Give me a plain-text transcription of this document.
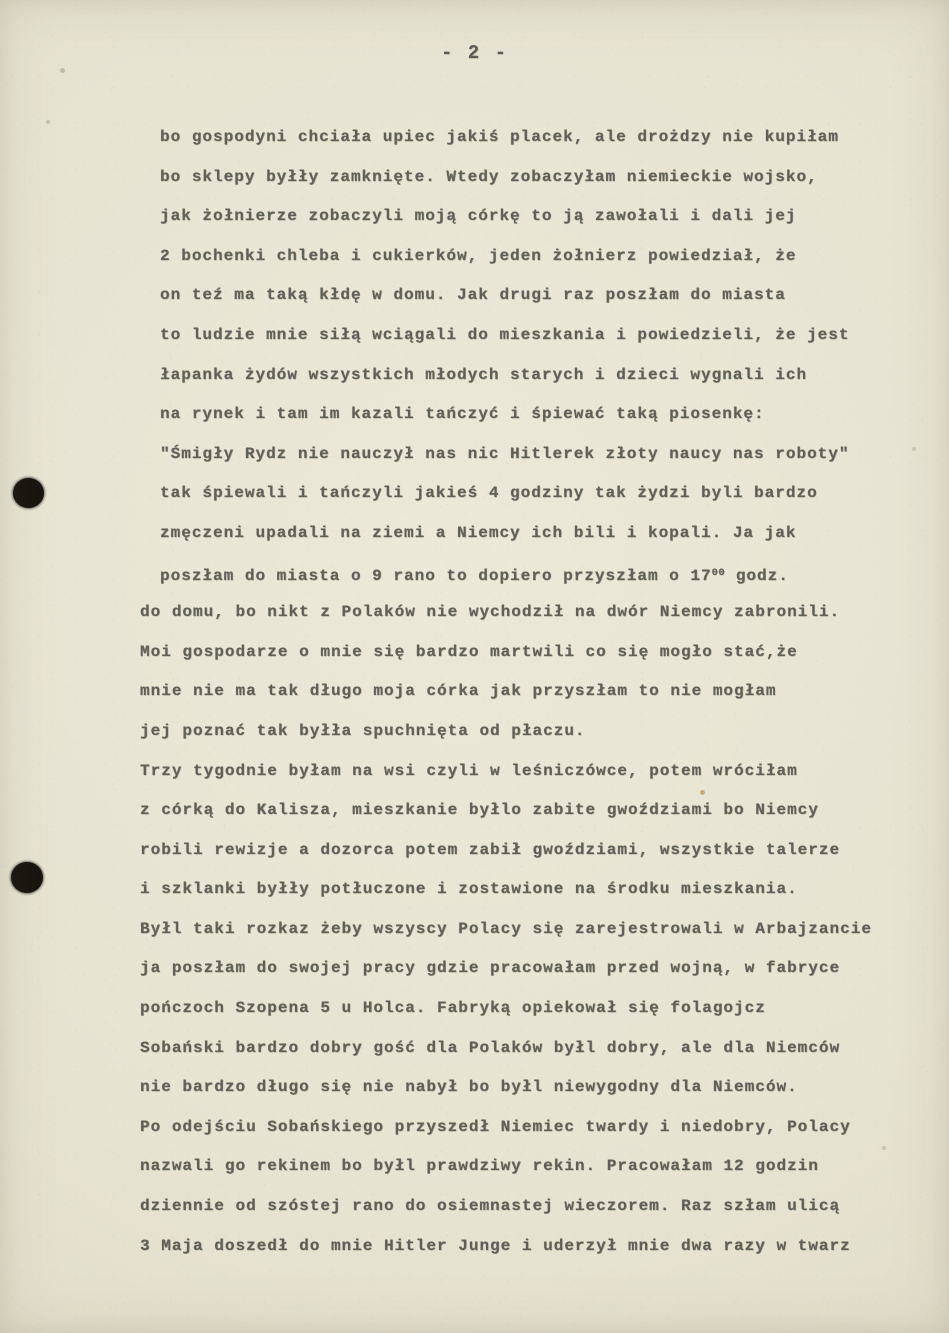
- 2 -
bo gospodyni chciała upiec jakiś placek, ale drożdzy nie kupiłam
bo sklepy byłły zamknięte. Wtedy zobaczyłam niemieckie wojsko,
jak żołnierze zobaczyli moją córkę to ją zawołali i dali jej
2 bochenki chleba i cukierków, jeden żołnierz powiedział, że
on teź ma taką kłdę w domu. Jak drugi raz poszłam do miasta
to ludzie mnie siłą wciągali do mieszkania i powiedzieli, że jest
łapanka żydów wszystkich młodych starych i dzieci wygnali ich
na rynek i tam im kazali tańczyć i śpiewać taką piosenkę:
"Śmigły Rydz nie nauczył nas nic Hitlerek złoty naucy nas roboty"
tak śpiewali i tańczyli jakieś 4 godziny tak żydzi byli bardzo
zmęczeni upadali na ziemi a Niemcy ich bili i kopali. Ja jak
poszłam do miasta o 9 rano to dopiero przyszłam o $17^{00}$ godz.
do domu, bo nikt z Polaków nie wychodził na dwór Niemcy zabronili.
Moi gospodarze o mnie się bardzo martwili co się mogło stać,że
mnie nie ma tak długo moja córka jak przyszłam to nie mogłam
jej poznać tak byłła spuchnięta od płaczu.
Trzy tygodnie byłam na wsi czyli w leśniczówce, potem wróciłam
z córką do Kalisza, mieszkanie byłlo zabite gwoździami bo Niemcy
robili rewizje a dozorca potem zabił gwoździami, wszystkie talerze
i szklanki byłły potłuczone i zostawione na środku mieszkania.
Byłl taki rozkaz żeby wszyscy Polacy się zarejestrowali w Arbajzancie
ja poszłam do swojej pracy gdzie pracowałam przed wojną, w fabryce
pończoch Szopena 5 u Holca. Fabryką opiekował się folagojcz
Sobański bardzo dobry gość dla Polaków byłl dobry, ale dla Niemców
nie bardzo długo się nie nabył bo byłl niewygodny dla Niemców.
Po odejściu Sobańskiego przyszedł Niemiec twardy i niedobry, Polacy
nazwali go rekinem bo byłl prawdziwy rekin. Pracowałam 12 godzin
dziennie od szóstej rano do osiemnastej wieczorem. Raz szłam ulicą
3 Maja doszedł do mnie Hitler Junge i uderzył mnie dwa razy w twarz
